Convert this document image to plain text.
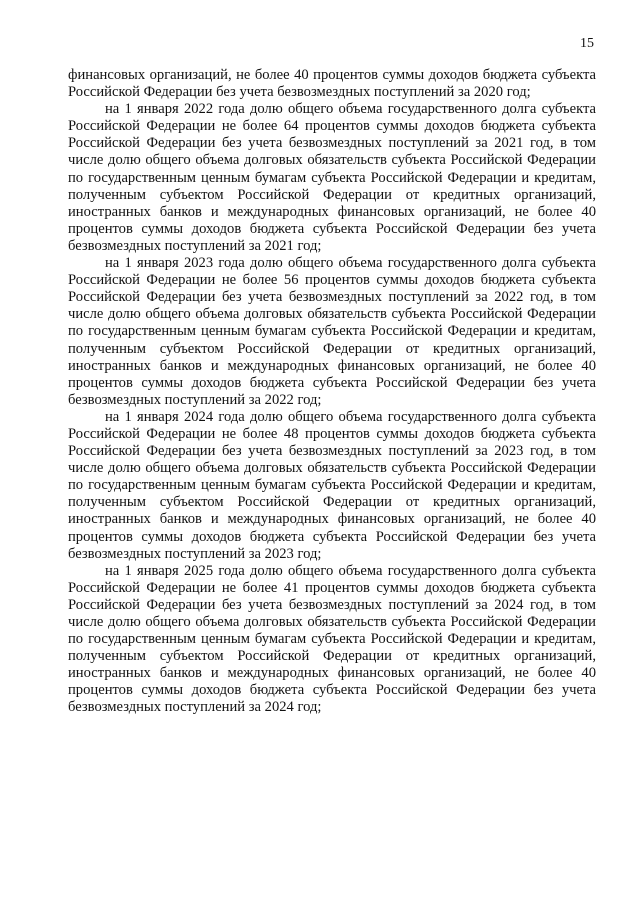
15

финансовых организаций, не более 40 процентов суммы доходов бюджета субъекта Российской Федерации без учета безвозмездных поступлений за 2020 год;

на 1 января 2022 года долю общего объема государственного долга субъекта Российской Федерации не более 64 процентов суммы доходов бюджета субъекта Российской Федерации без учета безвозмездных поступлений за 2021 год, в том числе долю общего объема долговых обязательств субъекта Российской Федерации по государственным ценным бумагам субъекта Российской Федерации и кредитам, полученным субъектом Российской Федерации от кредитных организаций, иностранных банков и международных финансовых организаций, не более 40 процентов суммы доходов бюджета субъекта Российской Федерации без учета безвозмездных поступлений за 2021 год;

на 1 января 2023 года долю общего объема государственного долга субъекта Российской Федерации не более 56 процентов суммы доходов бюджета субъекта Российской Федерации без учета безвозмездных поступлений за 2022 год, в том числе долю общего объема долговых обязательств субъекта Российской Федерации по государственным ценным бумагам субъекта Российской Федерации и кредитам, полученным субъектом Российской Федерации от кредитных организаций, иностранных банков и международных финансовых организаций, не более 40 процентов суммы доходов бюджета субъекта Российской Федерации без учета безвозмездных поступлений за 2022 год;

на 1 января 2024 года долю общего объема государственного долга субъекта Российской Федерации не более 48 процентов суммы доходов бюджета субъекта Российской Федерации без учета безвозмездных поступлений за 2023 год, в том числе долю общего объема долговых обязательств субъекта Российской Федерации по государственным ценным бумагам субъекта Российской Федерации и кредитам, полученным субъектом Российской Федерации от кредитных организаций, иностранных банков и международных финансовых организаций, не более 40 процентов суммы доходов бюджета субъекта Российской Федерации без учета безвозмездных поступлений за 2023 год;

на 1 января 2025 года долю общего объема государственного долга субъекта Российской Федерации не более 41 процентов суммы доходов бюджета субъекта Российской Федерации без учета безвозмездных поступлений за 2024 год, в том числе долю общего объема долговых обязательств субъекта Российской Федерации по государственным ценным бумагам субъекта Российской Федерации и кредитам, полученным субъектом Российской Федерации от кредитных организаций, иностранных банков и международных финансовых организаций, не более 40 процентов суммы доходов бюджета субъекта Российской Федерации без учета безвозмездных поступлений за 2024 год;
